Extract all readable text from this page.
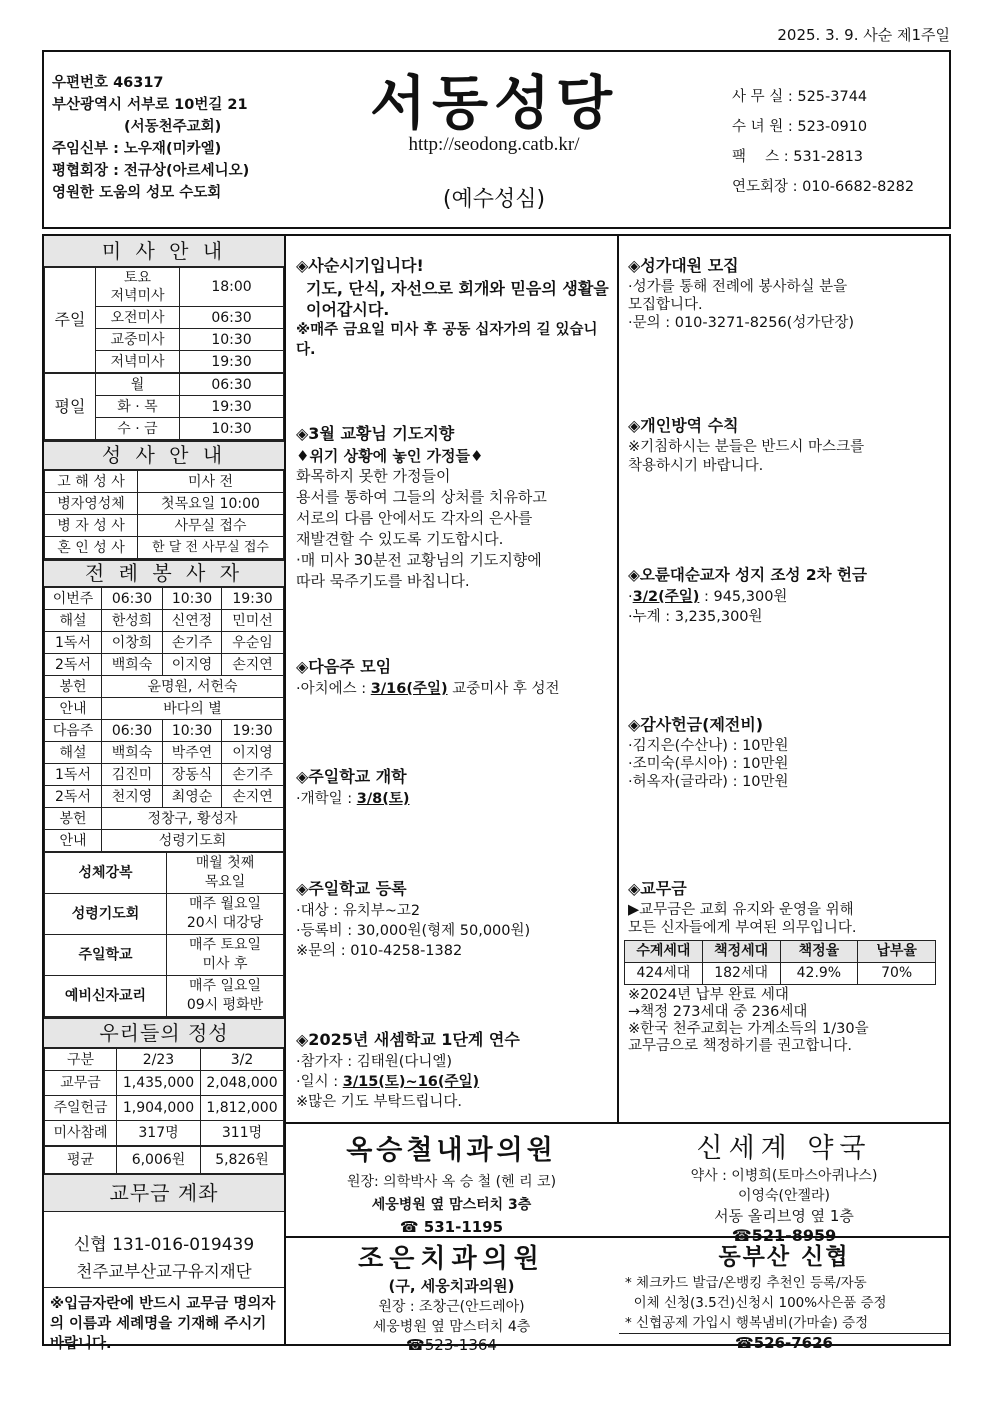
2025. 3. 9. 사순 제1주일
우편번호 46317
부산광역시 서부로 10번길 21
(서동천주교회)
주임신부 : 노우재(미카엘)
평협회장 : 전규상(아르세니오)
영원한 도움의 성모 수도회
서동성당
http://seodong.catb.kr/
(예수성심)
사 무 실 : 525-3744
수 녀 원 : 523-0910
팩　 스 : 531-2813
연도회장 : 010-6682-8282
미 사 안 내
주일	토요
저녁미사	18:00
	오전미사	06:30
	교중미사	10:30
	저녁미사	19:30
평일	월	06:30
	화 · 목	19:30
	수 · 금	10:30
성 사 안 내
고 해 성 사	미사 전
병자영성체	첫목요일 10:00
병 자 성 사	사무실 접수
혼 인 성 사	한 달 전 사무실 접수
전 례 봉 사 자
이번주	06:30	10:30	19:30
해설	한성희	신연정	민미선
1독서	이창희	손기주	우순임
2독서	백희숙	이지영	손지연
봉헌	윤명원, 서헌숙		
안내	바다의 별		
다음주	06:30	10:30	19:30
해설	백희숙	박주연	이지영
1독서	김진미	장동식	손기주
2독서	천지영	최영순	손지연
봉헌	정창구, 황성자		
안내	성령기도회		
성체강복	매월 첫째
목요일
성령기도회	매주 월요일
20시 대강당
주일학교	매주 토요일
미사 후
예비신자교리	매주 일요일
09시 평화반
우리들의 정성
구분	2/23	3/2
교무금	1,435,000	2,048,000
주일헌금	1,904,000	1,812,000
미사참례	317명	311명
평균	6,006원	5,826원
교무금 계좌
신협 131-016-019439
천주교부산교구유지재단
※입금자란에 반드시 교무금 명의자의 이름과 세례명을 기재해 주시기 바랍니다.
◈사순시기입니다!
기도, 단식, 자선으로 회개와 믿음의 생활을 이어갑시다.

※매주 금요일 미사 후 공동 십자가의 길 있습니다.

◈3월 교황님 기도지향
♦위기 상황에 놓인 가정들♦

화목하지 못한 가정들이
용서를 통하여 그들의 상처를 치유하고
서로의 다름 안에서도 각자의 은사를
재발견할 수 있도록 기도합시다.
·매 미사 30분전 교황님의 기도지향에
따라 묵주기도를 바칩니다.

◈다음주 모임
·아치에스 : 3/16(주일) 교중미사 후 성전
◈주일학교 개학
·개학일 : 3/8(토)
◈주일학교 등록

·대상 : 유치부~고2
·등록비 : 30,000원(형제 50,000원)
※문의 : 010-4258-1382

◈2025년 새셈학교 1단계 연수
·참가자 : 김태원(다니엘)
·일시 : 3/15(토)~16(주일)
※많은 기도 부탁드립니다.
◈성가대원 모집

·성가를 통해 전례에 봉사하실 분을
모집합니다.
·문의 : 010-3271-8256(성가단장)

◈개인방역 수칙

※기침하시는 분들은 반드시 마스크를
착용하시기 바랍니다.

◈오륜대순교자 성지 조성 2차 헌금
·3/2(주일) : 945,300원
·누계 : 3,235,300원
◈감사헌금(제전비)

·김지은(수산나) : 10만원
·조미숙(루시아) : 10만원
·허옥자(글라라) : 10만원

◈교무금

▶교무금은 교회 유지와 운영을 위해
모든 신자들에게 부여된 의무입니다.

수계세대	책정세대	책정율	납부율
424세대	182세대	42.9%	70%

※2024년 납부 완료 세대
→책정 273세대 중 236세대
※한국 천주교회는 가계소득의 1/30을
교무금으로 책정하기를 권고합니다.

옥승철내과의원
원장: 의학박사 옥 승 철 (헨 리 코)
세웅병원 옆 맘스터치 3층
☎ 531-1195
신세계 약국
약사 : 이병희(토마스아퀴나스)
이영숙(안젤라)
서동 올리브영 옆 1층
☎521-8959
조은치과의원
(구, 세웅치과의원)
원장 : 조창근(안드레아)
세웅병원 옆 맘스터치 4층
☎523-1364
동부산 신협
* 체크카드 발급/온뱅킹 추천인 등록/자동
이체 신청(3.5건)신청시 100%사은품 증정
* 신협공제 가입시 행복냄비(가마솥) 증정
☎526-7626
